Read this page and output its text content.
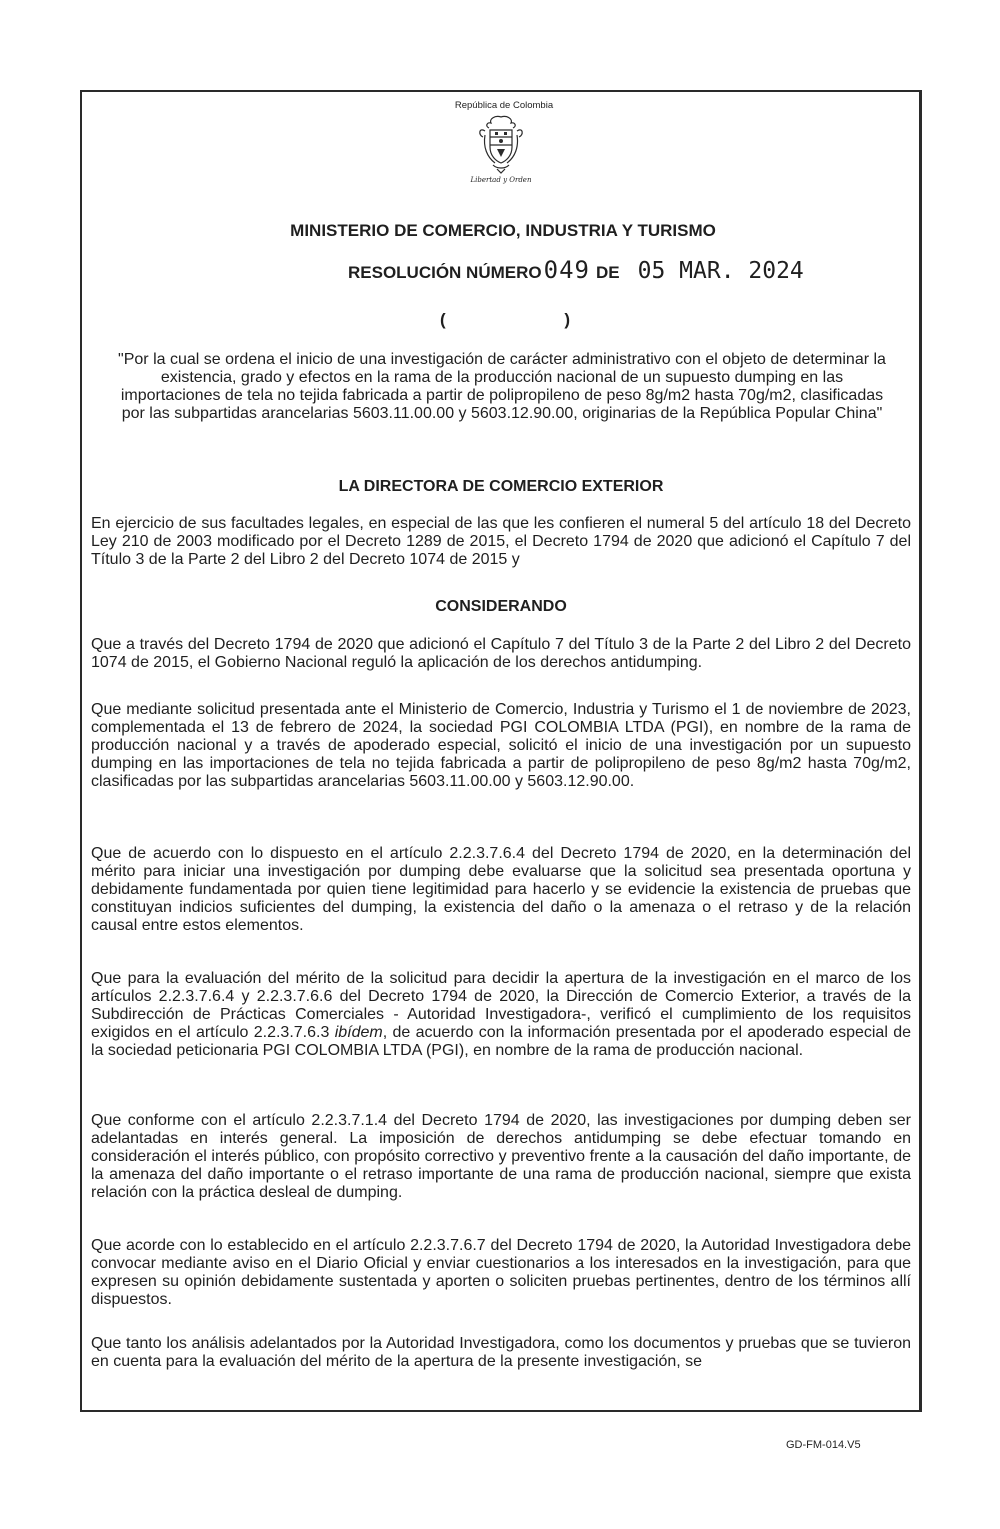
República de Colombia
Libertad y Orden
MINISTERIO DE COMERCIO, INDUSTRIA Y TURISMO
RESOLUCIÓN NÚMERO 049 DE 05 MAR. 2024
(	)

"Por la cual se ordena el inicio de una investigación de carácter administrativo con el objeto de determinar la existencia, grado y efectos en la rama de la producción nacional de un supuesto dumping en las importaciones de tela no tejida fabricada a partir de polipropileno de peso 8g/m2 hasta 70g/m2, clasificadas por las subpartidas arancelarias 5603.11.00.00 y 5603.12.90.00, originarias de la República Popular China"

LA DIRECTORA DE COMERCIO EXTERIOR

En ejercicio de sus facultades legales, en especial de las que les confieren el numeral 5 del artículo 18 del Decreto Ley 210 de 2003 modificado por el Decreto 1289 de 2015, el Decreto 1794 de 2020 que adicionó el Capítulo 7 del Título 3 de la Parte 2 del Libro 2 del Decreto 1074 de 2015 y

CONSIDERANDO

Que a través del Decreto 1794 de 2020 que adicionó el Capítulo 7 del Título 3 de la Parte 2 del Libro 2 del Decreto 1074 de 2015, el Gobierno Nacional reguló la aplicación de los derechos antidumping.

Que mediante solicitud presentada ante el Ministerio de Comercio, Industria y Turismo el 1 de noviembre de 2023, complementada el 13 de febrero de 2024, la sociedad PGI COLOMBIA LTDA (PGI), en nombre de la rama de producción nacional y a través de apoderado especial, solicitó el inicio de una investigación por un supuesto dumping en las importaciones de tela no tejida fabricada a partir de polipropileno de peso 8g/m2 hasta 70g/m2, clasificadas por las subpartidas arancelarias 5603.11.00.00 y 5603.12.90.00.

Que de acuerdo con lo dispuesto en el artículo 2.2.3.7.6.4 del Decreto 1794 de 2020, en la determinación del mérito para iniciar una investigación por dumping debe evaluarse que la solicitud sea presentada oportuna y debidamente fundamentada por quien tiene legitimidad para hacerlo y se evidencie la existencia de pruebas que constituyan indicios suficientes del dumping, la existencia del daño o la amenaza o el retraso y de la relación causal entre estos elementos.

Que para la evaluación del mérito de la solicitud para decidir la apertura de la investigación en el marco de los artículos 2.2.3.7.6.4 y 2.2.3.7.6.6 del Decreto 1794 de 2020, la Dirección de Comercio Exterior, a través de la Subdirección de Prácticas Comerciales - Autoridad Investigadora-, verificó el cumplimiento de los requisitos exigidos en el artículo 2.2.3.7.6.3 ibídem, de acuerdo con la información presentada por el apoderado especial de la sociedad peticionaria PGI COLOMBIA LTDA (PGI), en nombre de la rama de producción nacional.

Que conforme con el artículo 2.2.3.7.1.4 del Decreto 1794 de 2020, las investigaciones por dumping deben ser adelantadas en interés general. La imposición de derechos antidumping se debe efectuar tomando en consideración el interés público, con propósito correctivo y preventivo frente a la causación del daño importante, de la amenaza del daño importante o el retraso importante de una rama de producción nacional, siempre que exista relación con la práctica desleal de dumping.

Que acorde con lo establecido en el artículo 2.2.3.7.6.7 del Decreto 1794 de 2020, la Autoridad Investigadora debe convocar mediante aviso en el Diario Oficial y enviar cuestionarios a los interesados en la investigación, para que expresen su opinión debidamente sustentada y aporten o soliciten pruebas pertinentes, dentro de los términos allí dispuestos.

Que tanto los análisis adelantados por la Autoridad Investigadora, como los documentos y pruebas que se tuvieron en cuenta para la evaluación del mérito de la apertura de la presente investigación, se

GD-FM-014.V5
